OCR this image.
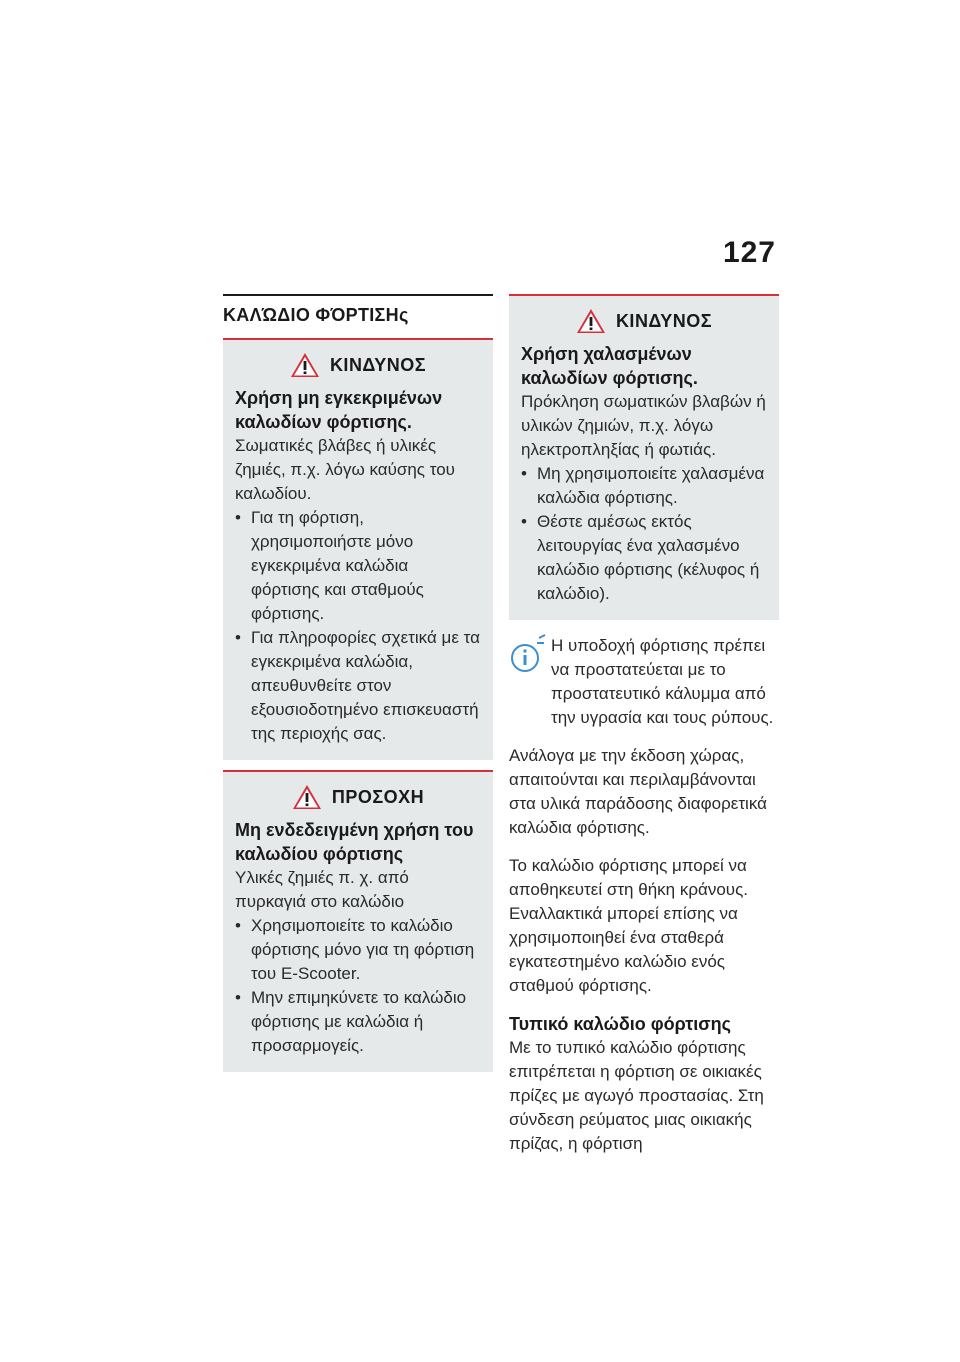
127
ΚΑΛΏΔΙΟ ΦΌΡΤΙΣΗς
ΚΙΝΔΥΝΟΣ
Χρήση μη εγκεκριμένων καλωδίων φόρτισης.
Σωματικές βλάβες ή υλικές ζημιές, π.χ. λόγω καύσης του καλωδίου.
• Για τη φόρτιση, χρησιμοποιήστε μόνο εγκεκριμένα καλώδια φόρτισης και σταθμούς φόρτισης.
• Για πληροφορίες σχετικά με τα εγκεκριμένα καλώδια, απευθυνθείτε στον εξουσιοδοτημένο επισκευαστή της περιοχής σας.
ΠΡΟΣΟΧΗ
Μη ενδεδειγμένη χρήση του καλωδίου φόρτισης
Υλικές ζημιές π. χ. από πυρκαγιά στο καλώδιο
• Χρησιμοποιείτε το καλώδιο φόρτισης μόνο για τη φόρτιση του E-Scooter.
• Μην επιμηκύνετε το καλώδιο φόρτισης με καλώδια ή προσαρμογείς.
ΚΙΝΔΥΝΟΣ
Χρήση χαλασμένων καλωδίων φόρτισης.
Πρόκληση σωματικών βλαβών ή υλικών ζημιών, π.χ. λόγω ηλεκτροπληξίας ή φωτιάς.
• Μη χρησιμοποιείτε χαλασμένα καλώδια φόρτισης.
• Θέστε αμέσως εκτός λειτουργίας ένα χαλασμένο καλώδιο φόρτισης (κέλυφος ή καλώδιο).
Η υποδοχή φόρτισης πρέπει να προστατεύεται με το προστατευτικό κάλυμμα από την υγρασία και τους ρύπους.

Ανάλογα με την έκδοση χώρας, απαιτούνται και περιλαμβάνονται στα υλικά παράδοσης διαφορετικά καλώδια φόρτισης.

Το καλώδιο φόρτισης μπορεί να αποθηκευτεί στη θήκη κράνους. Εναλλακτικά μπορεί επίσης να χρησιμοποιηθεί ένα σταθερά εγκατεστημένο καλώδιο ενός σταθμού φόρτισης.

Τυπικό καλώδιο φόρτισης

Με το τυπικό καλώδιο φόρτισης επιτρέπεται η φόρτιση σε οικιακές πρίζες με αγωγό προστασίας. Στη σύνδεση ρεύματος μιας οικιακής πρίζας, η φόρτιση
